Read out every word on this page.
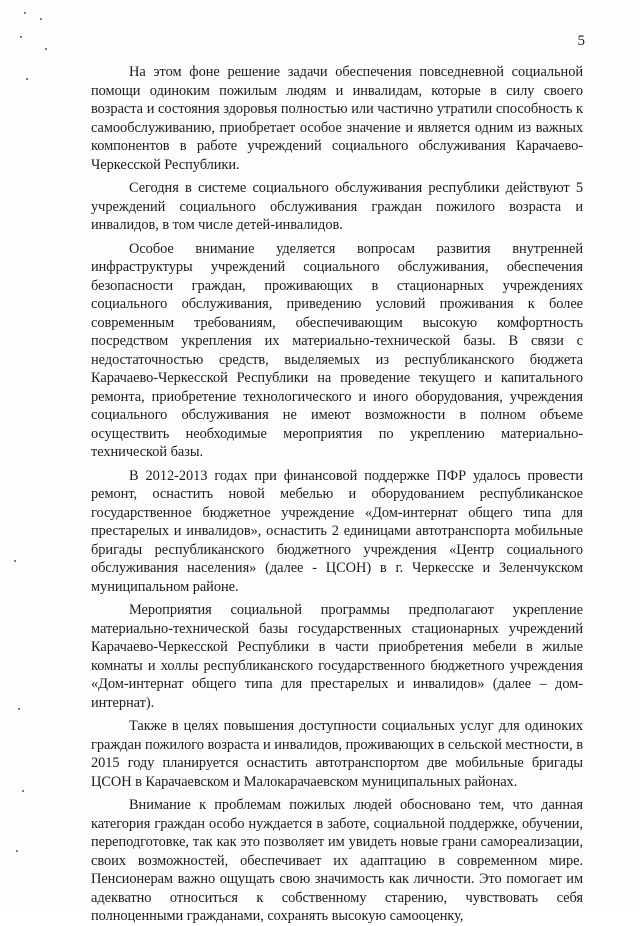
5

На этом фоне решение задачи обеспечения повседневной социальной помощи одиноким пожилым людям и инвалидам, которые в силу своего возраста и состояния здоровья полностью или частично утратили способность к самообслуживанию, приобретает особое значение и является одним из важных компонентов в работе учреждений социального обслуживания Карачаево-Черкесской Республики.

Сегодня в системе социального обслуживания республики действуют 5 учреждений социального обслуживания граждан пожилого возраста и инвалидов, в том числе детей-инвалидов.

Особое внимание уделяется вопросам развития внутренней инфраструктуры учреждений социального обслуживания, обеспечения безопасности граждан, проживающих в стационарных учреждениях социального обслуживания, приведению условий проживания к более современным требованиям, обеспечивающим высокую комфортность посредством укрепления их материально-технической базы. В связи с недостаточностью средств, выделяемых из республиканского бюджета Карачаево-Черкесской Республики на проведение текущего и капитального ремонта, приобретение технологического и иного оборудования, учреждения социального обслуживания не имеют возможности в полном объеме осуществить необходимые мероприятия по укреплению материально-технической базы.

В 2012-2013 годах при финансовой поддержке ПФР удалось провести ремонт, оснастить новой мебелью и оборудованием республиканское государственное бюджетное учреждение «Дом-интернат общего типа для престарелых и инвалидов», оснастить 2 единицами автотранспорта мобильные бригады республиканского бюджетного учреждения «Центр социального обслуживания населения» (далее - ЦСОН) в г. Черкесске и Зеленчукском муниципальном районе.

Мероприятия социальной программы предполагают укрепление материально-технической базы государственных стационарных учреждений Карачаево-Черкесской Республики в части приобретения мебели в жилые комнаты и холлы республиканского государственного бюджетного учреждения «Дом-интернат общего типа для престарелых и инвалидов» (далее – дом-интернат).

Также в целях повышения доступности социальных услуг для одиноких граждан пожилого возраста и инвалидов, проживающих в сельской местности, в 2015 году планируется оснастить автотранспортом две мобильные бригады ЦСОН в Карачаевском и Малокарачаевском муниципальных районах.

Внимание к проблемам пожилых людей обосновано тем, что данная категория граждан особо нуждается в заботе, социальной поддержке, обучении, переподготовке, так как это позволяет им увидеть новые грани самореализации, своих возможностей, обеспечивает их адаптацию в современном мире. Пенсионерам важно ощущать свою значимость как личности. Это помогает им адекватно относиться к собственному старению, чувствовать себя полноценными гражданами, сохранять высокую самооценку,
